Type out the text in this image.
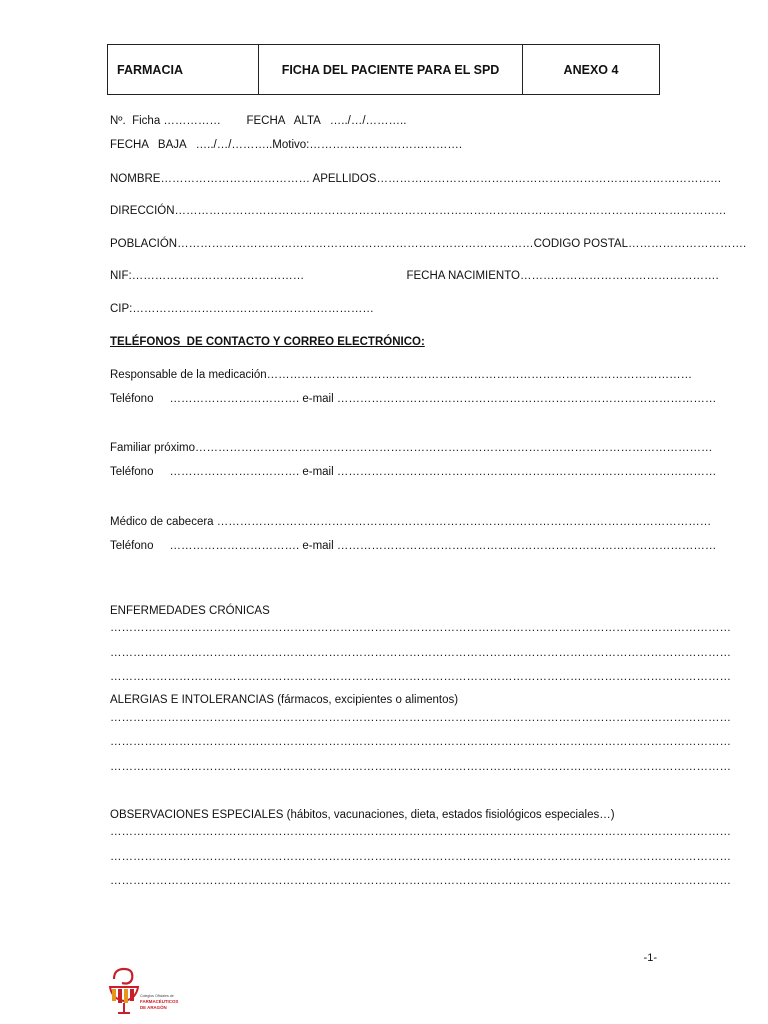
FARMACIA	FICHA DEL PACIENTE PARA EL SPD	ANEXO 4
Nº.  Ficha ……………        FECHA   ALTA   …../…/………..
FECHA   BAJA   …../…/………..Motivo:………………………………….
NOMBRE………………………………… APELLIDOS………………………………………………………………………………
DIRECCIÓN………………………………………………………………………………………………………………………………
POBLACIÓN…………………………………………………………………………………CODIGO POSTAL………………………….
NIF:………………………………………                                FECHA NACIMIENTO…………………………………………….
CIP:………………………………………………………
TELÉFONOS  DE CONTACTO Y CORREO ELECTRÓNICO:
Responsable de la medicación…………………………………………………………………………………………………
Teléfono     ……………………………. e-mail ………………………………………………………………………………………
Familiar próximo………………………………………………………………………………………………………………………
Teléfono     ……………………………. e-mail ………………………………………………………………………………………
Médico de cabecera …………………………………………………………………………………………………………………
Teléfono     ……………………………. e-mail ………………………………………………………………………………………
ENFERMEDADES CRÓNICAS
………………………………………………………………………………………………………………………………………………
………………………………………………………………………………………………………………………………………………
………………………………………………………………………………………………………………………………………………
ALERGIAS E INTOLERANCIAS (fármacos, excipientes o alimentos)
………………………………………………………………………………………………………………………………………………
………………………………………………………………………………………………………………………………………………
………………………………………………………………………………………………………………………………………………
OBSERVACIONES ESPECIALES (hábitos, vacunaciones, dieta, estados fisiológicos especiales…)
………………………………………………………………………………………………………………………………………………
………………………………………………………………………………………………………………………………………………
………………………………………………………………………………………………………………………………………………
-1-
Colegios Oficiales de
FARMACÉUTICOS
DE ARAGÓN
